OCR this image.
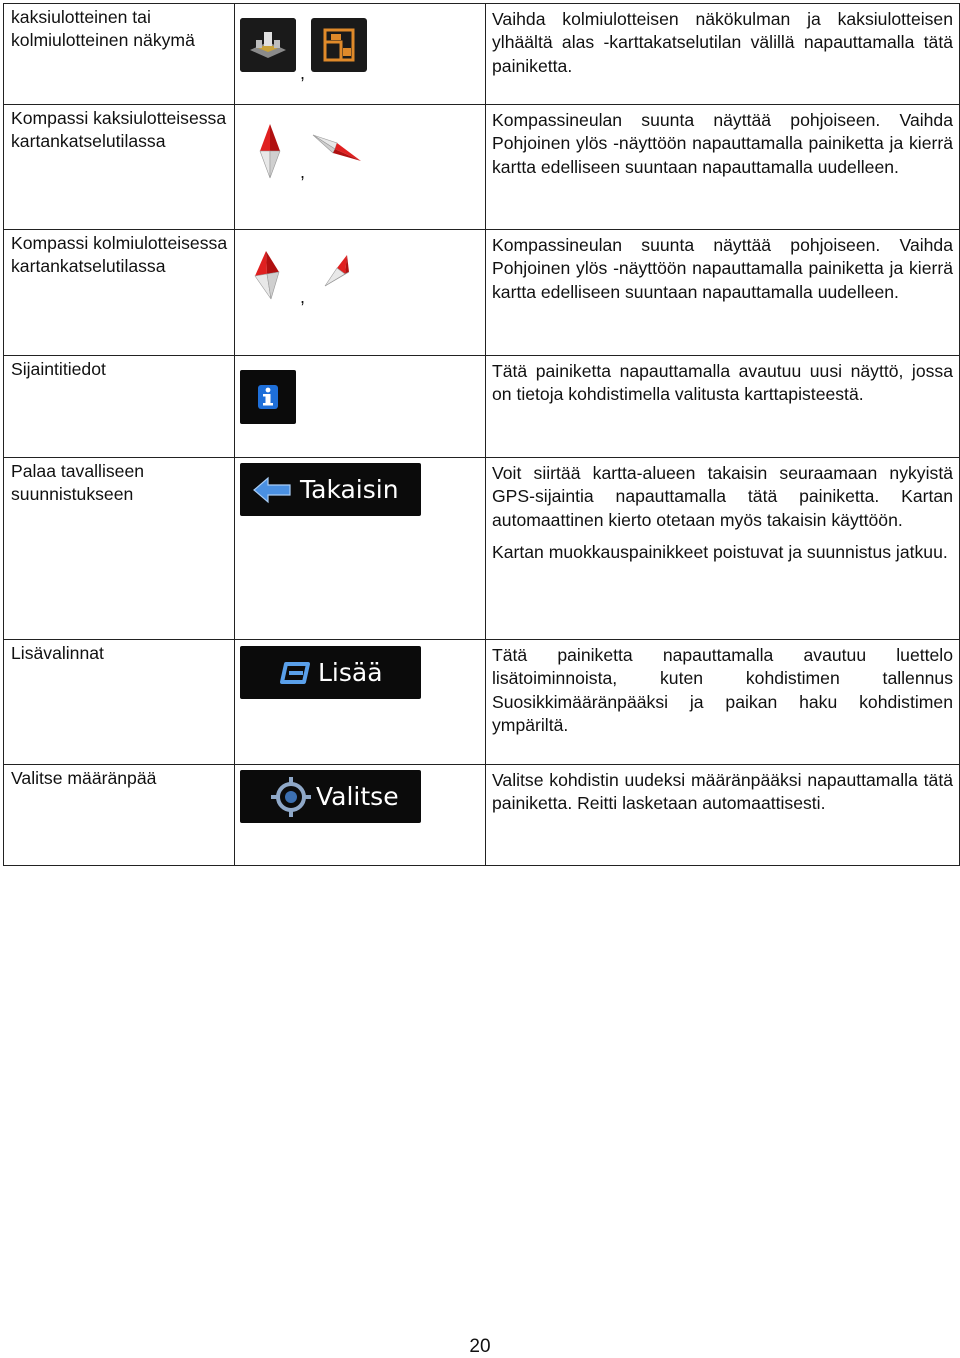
kaksiulotteinen tai kolmiulotteinen näkymä	,	Vaihda kolmiulotteisen näkökulman ja kaksiulotteisen ylhäältä alas -karttakatselutilan välillä napauttamalla tätä painiketta.

Kompassi kaksiulotteisessa kartankatselutilassa	,	Kompassineulan suunta näyttää pohjoiseen. Vaihda Pohjoinen ylös -näyttöön napauttamalla painiketta ja kierrä kartta edelliseen suuntaan napauttamalla uudelleen.

Kompassi kolmiulotteisessa kartankatselutilassa	,	Kompassineulan suunta näyttää pohjoiseen. Vaihda Pohjoinen ylös -näyttöön napauttamalla painiketta ja kierrä kartta edelliseen suuntaan napauttamalla uudelleen.

Sijaintitiedot		Tätä painiketta napauttamalla avautuu uusi näyttö, jossa on tietoja kohdistimella valitusta karttapisteestä.

Palaa tavalliseen suunnistukseen	Takaisin	Voit siirtää kartta-alueen takaisin seuraamaan nykyistä GPS-sijaintia napauttamalla tätä painiketta. Kartan automaattinen kierto otetaan myös takaisin käyttöön.

Kartan muokkauspainikkeet poistuvat ja suunnistus jatkuu.

Lisävalinnat	Lisää	Tätä painiketta napauttamalla avautuu luettelo lisätoiminnoista, kuten kohdistimen tallennus Suosikkimääränpääksi ja paikan haku kohdistimen ympäriltä.

Valitse määränpää	Valitse	Valitse kohdistin uudeksi määränpääksi napauttamalla tätä painiketta. Reitti lasketaan automaattisesti.

20
